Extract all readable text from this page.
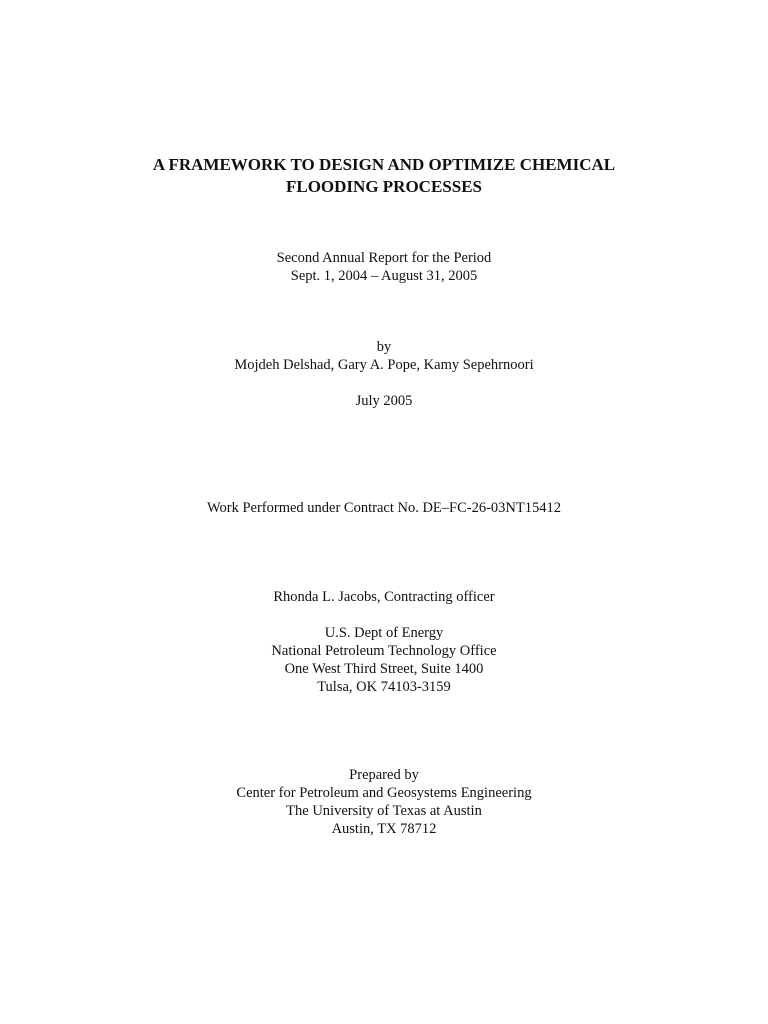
A FRAMEWORK TO DESIGN AND OPTIMIZE CHEMICAL
FLOODING PROCESSES
Second Annual Report for the Period
Sept. 1, 2004 – August 31, 2005
by
Mojdeh Delshad, Gary A. Pope, Kamy Sepehrnoori
July 2005
Work Performed under Contract No. DE–FC-26-03NT15412
Rhonda L. Jacobs, Contracting officer
U.S. Dept of Energy
National Petroleum Technology Office
One West Third Street, Suite 1400
Tulsa, OK 74103-3159
Prepared by
Center for Petroleum and Geosystems Engineering
The University of Texas at Austin
Austin, TX 78712
